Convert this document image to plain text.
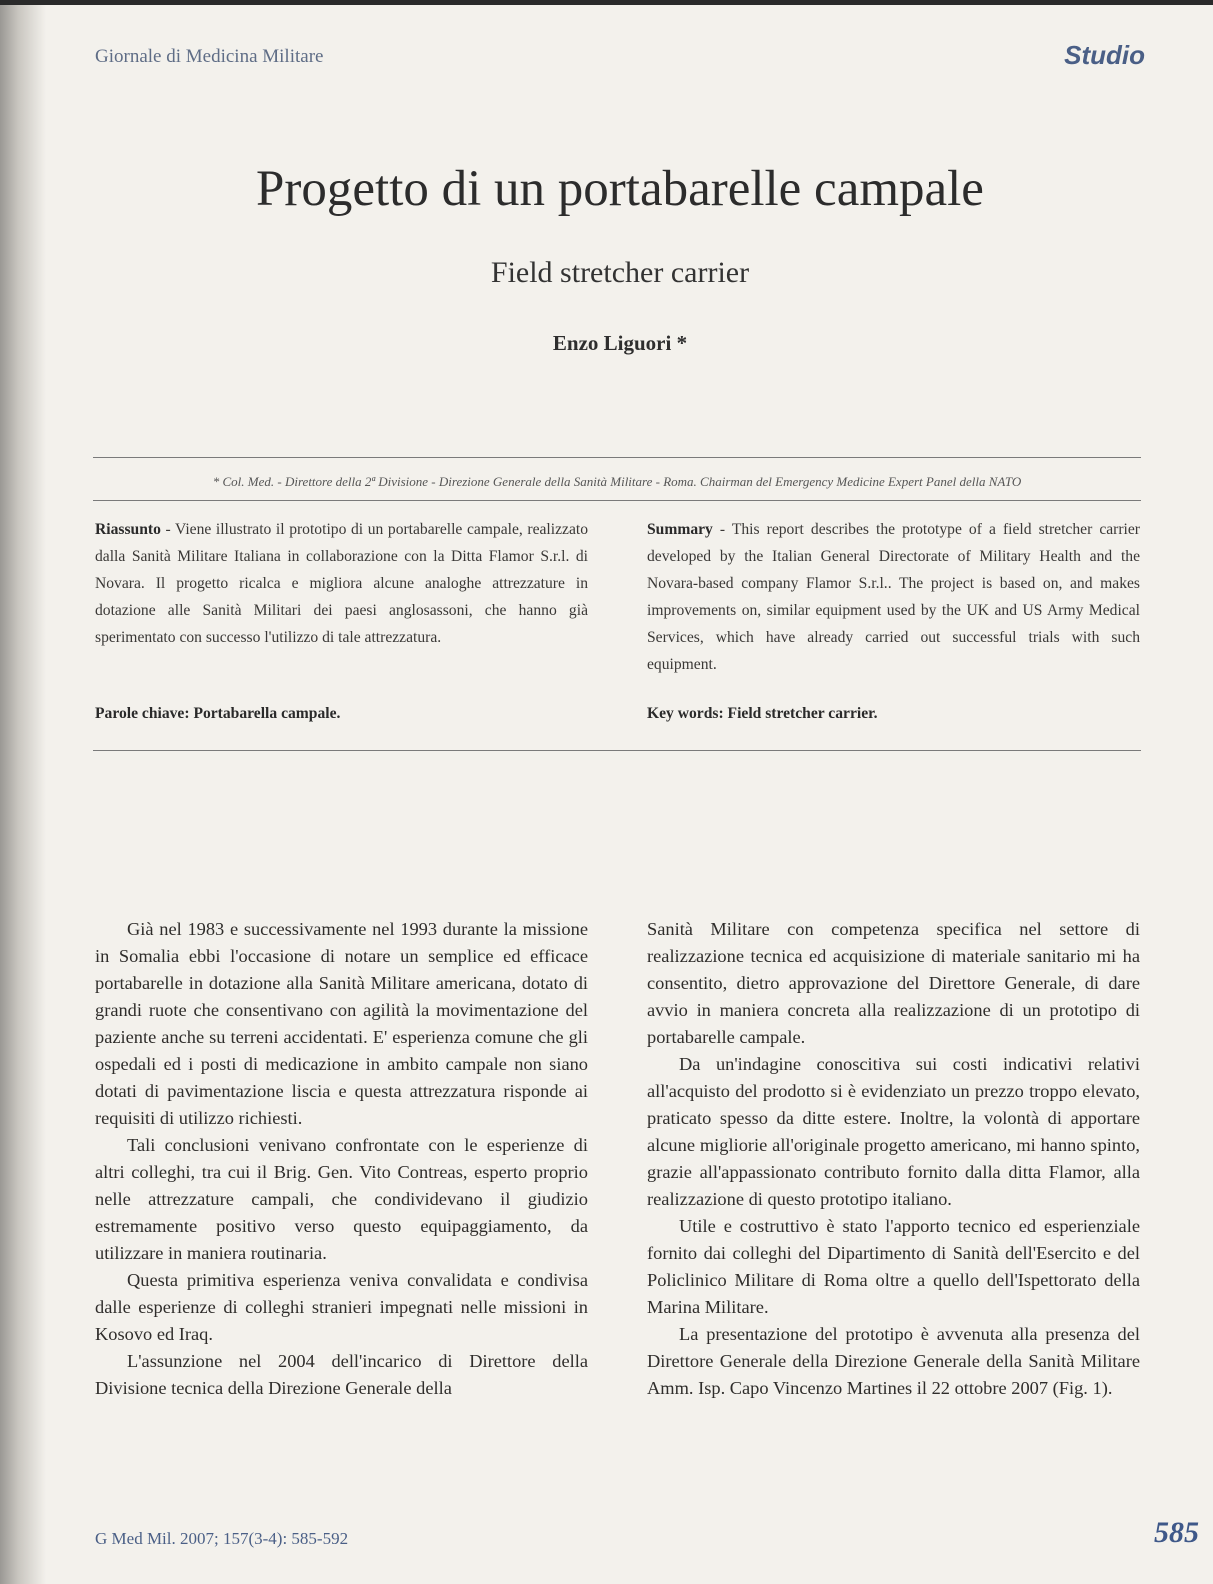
Giornale di Medicina Militare	Studio
Progetto di un portabarelle campale
Field stretcher carrier
Enzo Liguori *
* Col. Med. - Direttore della 2ª Divisione - Direzione Generale della Sanità Militare - Roma. Chairman del Emergency Medicine Expert Panel della NATO
Riassunto - Viene illustrato il prototipo di un portabarelle campale, realizzato dalla Sanità Militare Italiana in collaborazione con la Ditta Flamor S.r.l. di Novara. Il progetto ricalca e migliora alcune analoghe attrezzature in dotazione alle Sanità Militari dei paesi anglosassoni, che hanno già sperimentato con successo l'utilizzo di tale attrezzatura.
Summary - This report describes the prototype of a field stretcher carrier developed by the Italian General Directorate of Military Health and the Novara-based company Flamor S.r.l.. The project is based on, and makes improvements on, similar equipment used by the UK and US Army Medical Services, which have already carried out successful trials with such equipment.
Parole chiave: Portabarella campale.	Key words: Field stretcher carrier.

Già nel 1983 e successivamente nel 1993 durante la missione in Somalia ebbi l'occasione di notare un semplice ed efficace portabarelle in dotazione alla Sanità Militare americana, dotato di grandi ruote che consentivano con agilità la movimentazione del paziente anche su terreni accidentati. E' esperienza comune che gli ospedali ed i posti di medicazione in ambito campale non siano dotati di pavimentazione liscia e questa attrezzatura risponde ai requisiti di utilizzo richiesti.

Tali conclusioni venivano confrontate con le esperienze di altri colleghi, tra cui il Brig. Gen. Vito Contreas, esperto proprio nelle attrezzature campali, che condividevano il giudizio estremamente positivo verso questo equipaggiamento, da utilizzare in maniera routinaria.

Questa primitiva esperienza veniva convalidata e condivisa dalle esperienze di colleghi stranieri impegnati nelle missioni in Kosovo ed Iraq.

L'assunzione nel 2004 dell'incarico di Direttore della Divisione tecnica della Direzione Generale della

Sanità Militare con competenza specifica nel settore di realizzazione tecnica ed acquisizione di materiale sanitario mi ha consentito, dietro approvazione del Direttore Generale, di dare avvio in maniera concreta alla realizzazione di un prototipo di portabarelle campale.

Da un'indagine conoscitiva sui costi indicativi relativi all'acquisto del prodotto si è evidenziato un prezzo troppo elevato, praticato spesso da ditte estere. Inoltre, la volontà di apportare alcune migliorie all'originale progetto americano, mi hanno spinto, grazie all'appassionato contributo fornito dalla ditta Flamor, alla realizzazione di questo prototipo italiano.

Utile e costruttivo è stato l'apporto tecnico ed esperienziale fornito dai colleghi del Dipartimento di Sanità dell'Esercito e del Policlinico Militare di Roma oltre a quello dell'Ispettorato della Marina Militare.

La presentazione del prototipo è avvenuta alla presenza del Direttore Generale della Direzione Generale della Sanità Militare Amm. Isp. Capo Vincenzo Martines il 22 ottobre 2007 (Fig. 1).

G Med Mil. 2007; 157(3-4): 585-592	585
